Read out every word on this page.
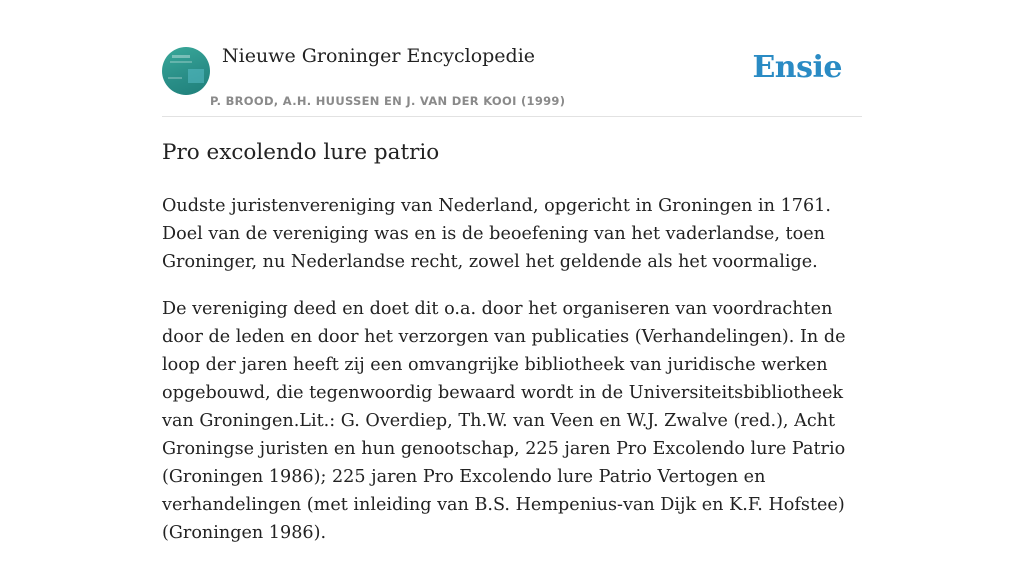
Nieuwe Groninger Encyclopedie
P. BROOD, A.H. HUUSSEN EN J. VAN DER KOOI (1999)
Ensie
Pro excolendo lure patrio

Oudste juristenvereniging van Nederland, opgericht in Groningen in 1761. Doel van de vereniging was en is de beoefening van het vaderlandse, toen Groninger, nu Nederlandse recht, zowel het geldende als het voormalige.

De vereniging deed en doet dit o.a. door het organiseren van voordrachten door de leden en door het verzorgen van publicaties (Verhandelingen). In de loop der jaren heeft zij een omvangrijke bibliotheek van juridische werken opgebouwd, die tegenwoordig bewaard wordt in de Universiteitsbibliotheek van Groningen.Lit.: G. Overdiep, Th.W. van Veen en W.J. Zwalve (red.), Acht Groningse juristen en hun genootschap, 225 jaren Pro Excolendo lure Patrio (Groningen 1986); 225 jaren Pro Excolendo lure Patrio Vertogen en verhandelingen (met inleiding van B.S. Hempenius-van Dijk en K.F. Hofstee) (Groningen 1986).
